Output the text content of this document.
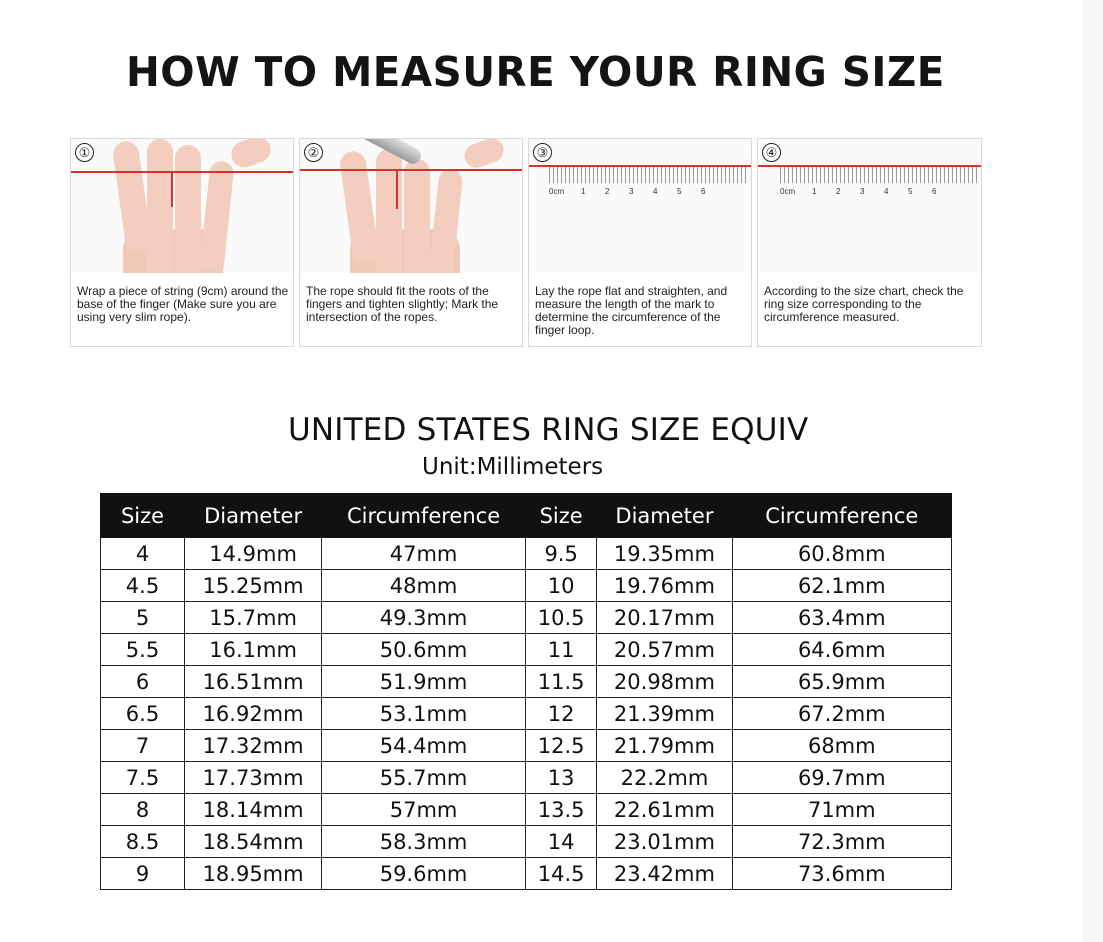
HOW TO MEASURE YOUR RING SIZE
①
Wrap a piece of string (9cm) around the base of the finger (Make sure you are using very slim rope).
②
The rope should fit the roots of the fingers and tighten slightly; Mark the intersection of the ropes.
0cm 1 2 3 4 5 6
③
Lay the rope flat and straighten, and measure the length of the mark to determine the circumference of the finger loop.
0cm 1 2 3 4 5 6
④
According to the size chart, check the ring size corresponding to the circumference measured.
UNITED STATES RING SIZE EQUIV
Unit:Millimeters
Size	Diameter	Circumference	Size	Diameter	Circumference
4	14.9mm	47mm	9.5	19.35mm	60.8mm
4.5	15.25mm	48mm	10	19.76mm	62.1mm
5	15.7mm	49.3mm	10.5	20.17mm	63.4mm
5.5	16.1mm	50.6mm	11	20.57mm	64.6mm
6	16.51mm	51.9mm	11.5	20.98mm	65.9mm
6.5	16.92mm	53.1mm	12	21.39mm	67.2mm
7	17.32mm	54.4mm	12.5	21.79mm	68mm
7.5	17.73mm	55.7mm	13	22.2mm	69.7mm
8	18.14mm	57mm	13.5	22.61mm	71mm
8.5	18.54mm	58.3mm	14	23.01mm	72.3mm
9	18.95mm	59.6mm	14.5	23.42mm	73.6mm
